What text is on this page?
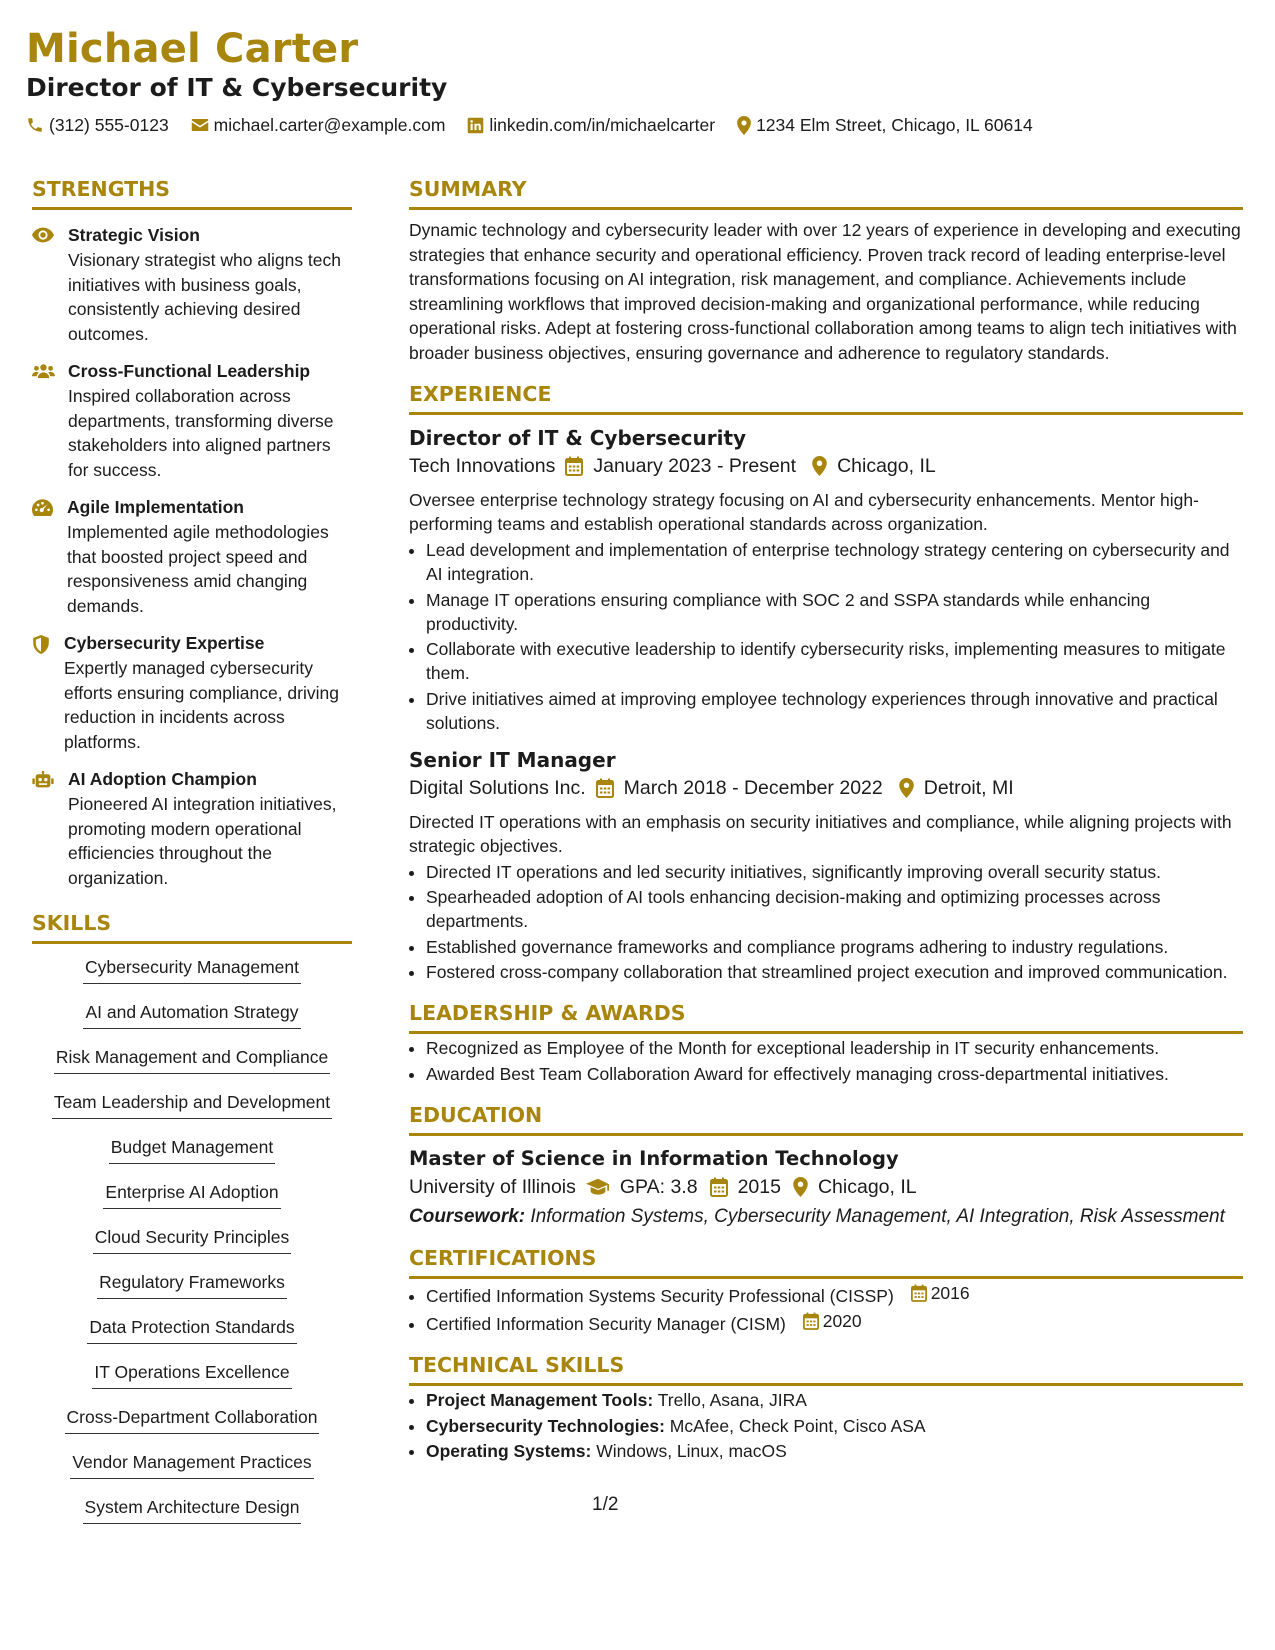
Michael Carter
Director of IT & Cybersecurity
(312) 555-0123	michael.carter@example.com	linkedin.com/in/michaelcarter 1234 Elm Street, Chicago, IL 60614
STRENGTHS

Strategic Vision

Visionary strategist who aligns tech initiatives with business goals, consistently achieving desired outcomes.

Cross-Functional Leadership

Inspired collaboration across departments, transforming diverse stakeholders into aligned partners for success.

Agile Implementation

Implemented agile methodologies that boosted project speed and responsiveness amid changing demands.

Cybersecurity Expertise

Expertly managed cybersecurity efforts ensuring compliance, driving reduction in incidents across platforms.

AI Adoption Champion

Pioneered AI integration initiatives, promoting modern operational efficiencies throughout the organization.

SKILLS
Cybersecurity Management
AI and Automation Strategy
Risk Management and Compliance
Team Leadership and Development
Budget Management
Enterprise AI Adoption
Cloud Security Principles
Regulatory Frameworks
Data Protection Standards
IT Operations Excellence
Cross-Department Collaboration
Vendor Management Practices
System Architecture Design
SUMMARY

Dynamic technology and cybersecurity leader with over 12 years of experience in developing and executing strategies that enhance security and operational efficiency. Proven track record of leading enterprise-level transformations focusing on AI integration, risk management, and compliance. Achievements include streamlining workflows that improved decision-making and organizational performance, while reducing operational risks. Adept at fostering cross-functional collaboration among teams to align tech initiatives with broader business objectives, ensuring governance and adherence to regulatory standards.

EXPERIENCE

Director of IT & Cybersecurity

Tech Innovations January 2023 - Present Chicago, IL

Oversee enterprise technology strategy focusing on AI and cybersecurity enhancements. Mentor high-performing teams and establish operational standards across organization.

• Lead development and implementation of enterprise technology strategy centering on cybersecurity and AI integration.
• Manage IT operations ensuring compliance with SOC 2 and SSPA standards while enhancing productivity.
• Collaborate with executive leadership to identify cybersecurity risks, implementing measures to mitigate them.
• Drive initiatives aimed at improving employee technology experiences through innovative and practical solutions.

Senior IT Manager

Digital Solutions Inc. March 2018 - December 2022 Detroit, MI

Directed IT operations with an emphasis on security initiatives and compliance, while aligning projects with strategic objectives.

• Directed IT operations and led security initiatives, significantly improving overall security status.
• Spearheaded adoption of AI tools enhancing decision-making and optimizing processes across departments.
• Established governance frameworks and compliance programs adhering to industry regulations.
• Fostered cross-company collaboration that streamlined project execution and improved communication.
LEADERSHIP & AWARDS
• Recognized as Employee of the Month for exceptional leadership in IT security enhancements.
• Awarded Best Team Collaboration Award for effectively managing cross-departmental initiatives.
EDUCATION

Master of Science in Information Technology

University of Illinois GPA: 3.8 2015 Chicago, IL

Coursework: Information Systems, Cybersecurity Management, AI Integration, Risk Assessment

CERTIFICATIONS
• Certified Information Systems Security Professional (CISSP) 2016
• Certified Information Security Manager (CISM) 2020
TECHNICAL SKILLS
• Project Management Tools: Trello, Asana, JIRA
• Cybersecurity Technologies: McAfee, Check Point, Cisco ASA
• Operating Systems: Windows, Linux, macOS
1/2
